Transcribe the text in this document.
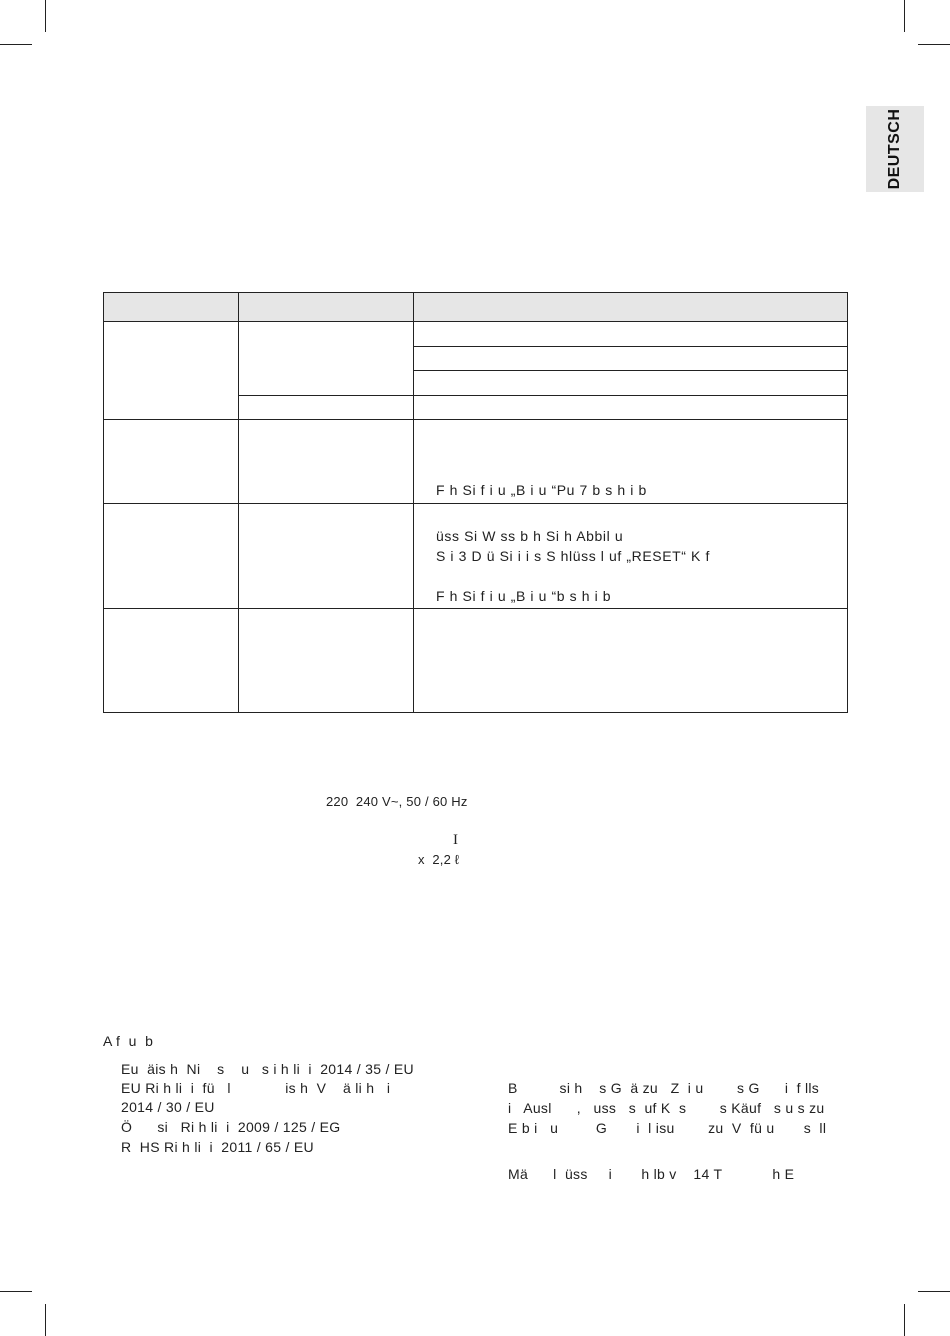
DEUTSCH

		F h Si f i u „B i u “Pu 7 b s h i b

		üss Si W ss b h Si h Abbil u
S i 3 D ü Si i i s S hlüss l uf „RESET“ K f
F h Si f i u „B i u “b s h i b

220  240 V~, 50 / 60 Hz
I
x  2,2 ℓ
A f  u  b
Eu  äis h  Ni    s    u   s i h li  i  2014 / 35 / EU
EU Ri h li  i  fü   l             is h  V    ä li h   i
2014 / 30 / EU
Ö      si   Ri h li  i  2009 / 125 / EG
R  HS Ri h li  i  2011 / 65 / EU
B          si h    s G  ä zu   Z  i u        s G      i  f lls
i   Ausl      ,   uss   s  uf K  s        s Käuf   s u s zu
E b i   u         G       i  l isu        zu  V  fü u       s  ll
Mä      l  üss     i       h lb v    14 T            h E
